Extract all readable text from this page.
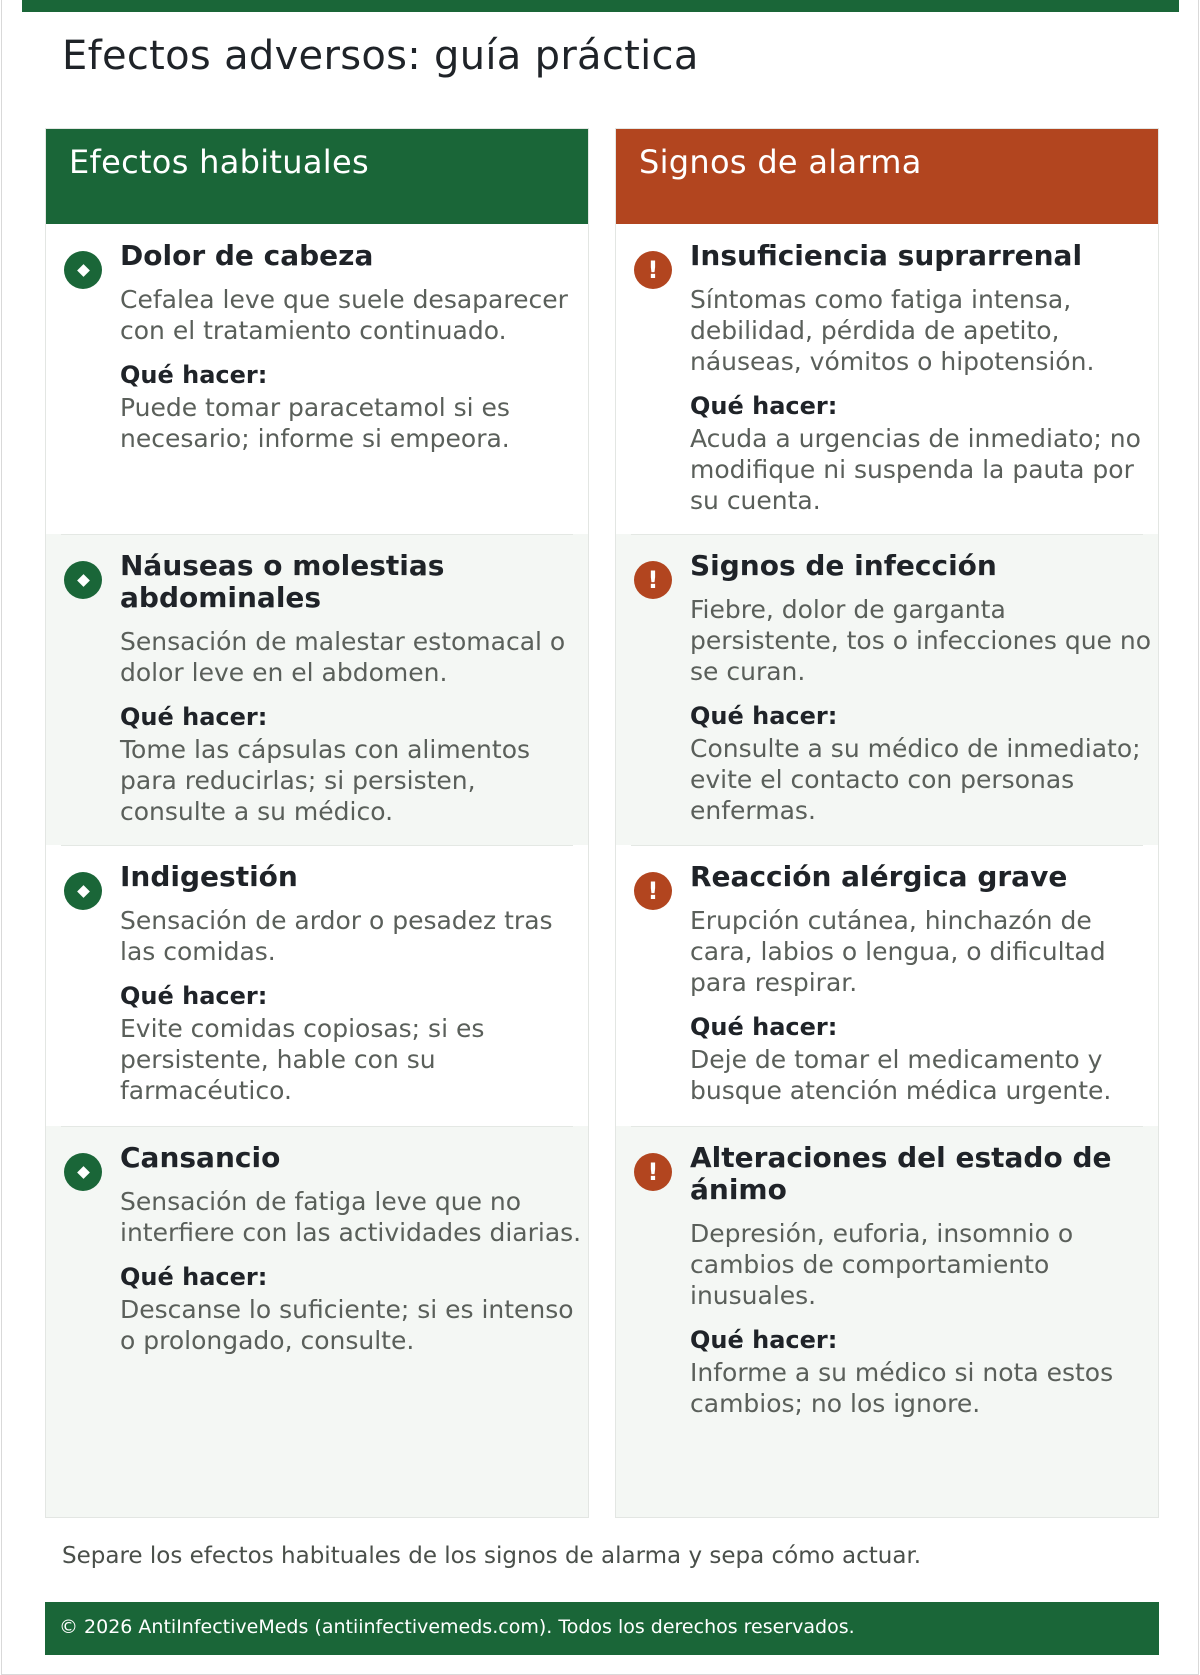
Efectos adversos: guía práctica
Efectos habituales
Dolor de cabeza

Cefalea leve que suele desaparecer con el tratamiento continuado.

Qué hacer:

Puede tomar paracetamol si es necesario; informe si empeora.

Náuseas o molestias abdominales

Sensación de malestar estomacal o dolor leve en el abdomen.

Qué hacer:

Tome las cápsulas con alimentos para reducirlas; si persisten, consulte a su médico.

Indigestión

Sensación de ardor o pesadez tras las comidas.

Qué hacer:

Evite comidas copiosas; si es persistente, hable con su farmacéutico.

Cansancio

Sensación de fatiga leve que no interfiere con las actividades diarias.

Qué hacer:

Descanse lo suficiente; si es intenso o prolongado, consulte.

Signos de alarma
!	Insuficiencia suprarrenal

Síntomas como fatiga intensa, debilidad, pérdida de apetito, náuseas, vómitos o hipotensión.

Qué hacer:

Acuda a urgencias de inmediato; no modifique ni suspenda la pauta por su cuenta.

!	Signos de infección

Fiebre, dolor de garganta persistente, tos o infecciones que no se curan.

Qué hacer:

Consulte a su médico de inmediato; evite el contacto con personas enfermas.

!	Reacción alérgica grave

Erupción cutánea, hinchazón de cara, labios o lengua, o dificultad para respirar.

Qué hacer:

Deje de tomar el medicamento y busque atención médica urgente.

!	Alteraciones del estado de ánimo

Depresión, euforia, insomnio o cambios de comportamiento inusuales.

Qué hacer:

Informe a su médico si nota estos cambios; no los ignore.

Separe los efectos habituales de los signos de alarma y sepa cómo actuar.

© 2026 AntiInfectiveMeds (antiinfectivemeds.com). Todos los derechos reservados.
